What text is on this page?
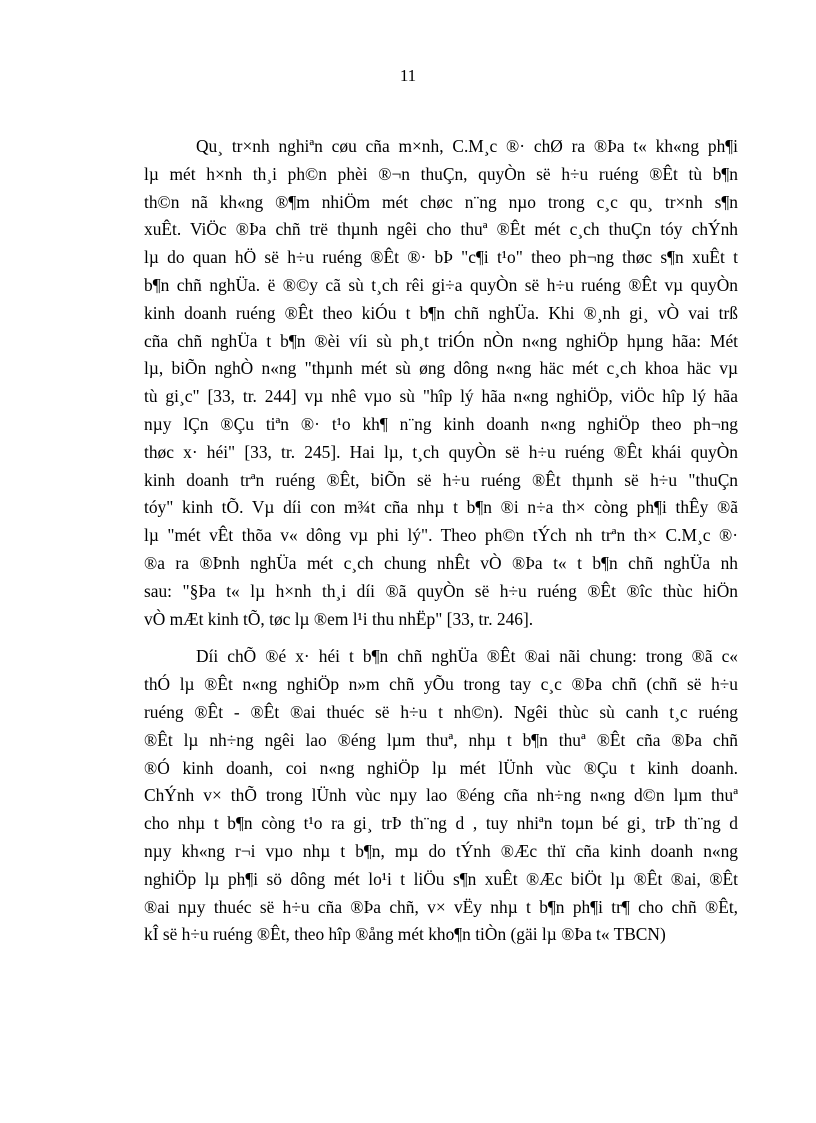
11
Qu¸ tr×nh nghiªn cøu cña m×nh, C.M¸c ®· chØ ra ®Þa t« kh«ng ph¶i
lµ mét h×nh th¸i ph©n phèi ®¬n thuÇn, quyÒn së h÷u ruéng ®Êt tù b¶n
th©n nã kh«ng ®¶m nhiÖm mét chøc n¨ng nµo trong c¸c qu¸ tr×nh s¶n
xuÊt. ViÖc ®Þa chñ trë thµnh ngêi cho thuª ®Êt mét c¸ch thuÇn tóy chÝnh
lµ do quan hÖ së h÷u ruéng ®Êt ®· bÞ "c¶i t¹o" theo ph¬ng thøc s¶n xuÊt t
b¶n chñ nghÜa. ë ®©y cã sù t¸ch rêi gi÷a quyÒn së h÷u ruéng ®Êt vµ quyÒn
kinh doanh ruéng ®Êt theo kiÓu t b¶n chñ nghÜa. Khi ®¸nh gi¸ vÒ vai trß
cña chñ nghÜa t b¶n ®èi víi sù ph¸t triÓn nÒn n«ng nghiÖp hµng hãa: Mét
lµ, biÕn nghÒ n«ng "thµnh mét sù øng dông n«ng häc mét c¸ch khoa häc vµ
tù gi¸c" [33, tr. 244] vµ nhê vµo sù "hîp lý hãa n«ng nghiÖp, viÖc hîp lý hãa
nµy lÇn ®Çu tiªn ®· t¹o kh¶ n¨ng kinh doanh n«ng nghiÖp theo ph¬ng
thøc x· héi" [33, tr. 245]. Hai lµ, t¸ch quyÒn së h÷u ruéng ®Êt khái quyÒn
kinh doanh trªn ruéng ®Êt, biÕn së h÷u ruéng ®Êt thµnh së h÷u "thuÇn
tóy" kinh tÕ. Vµ díi con m¾t cña nhµ t b¶n ®i n÷a th× còng ph¶i thÊy ®ã
lµ "mét vÊt thõa v« dông vµ phi lý". Theo ph©n tÝch nh trªn th× C.M¸c ®·
®a ra ®Þnh nghÜa mét c¸ch chung nhÊt vÒ ®Þa t« t b¶n chñ nghÜa nh
sau: "§Þa t« lµ h×nh th¸i díi ®ã quyÒn së h÷u ruéng ®Êt ®îc thùc hiÖn
vÒ mÆt kinh tÕ, tøc lµ ®em l¹i thu nhËp" [33, tr. 246].
Díi chÕ ®é x· héi t b¶n chñ nghÜa ®Êt ®ai nãi chung: trong ®ã c«
thÓ lµ ®Êt n«ng nghiÖp n»m chñ yÕu trong tay c¸c ®Þa chñ (chñ së h÷u
ruéng ®Êt - ®Êt ®ai thuéc së h÷u t nh©n). Ngêi thùc sù canh t¸c ruéng
®Êt lµ nh÷ng ngêi lao ®éng lµm thuª, nhµ t b¶n thuª ®Êt cña ®Þa chñ
®Ó kinh doanh, coi n«ng nghiÖp lµ mét lÜnh vùc ®Çu t kinh doanh.
ChÝnh v× thÕ trong lÜnh vùc nµy lao ®éng cña nh÷ng n«ng d©n lµm thuª
cho nhµ t b¶n còng t¹o ra gi¸ trÞ th¨ng d , tuy nhiªn toµn bé gi¸ trÞ th¨ng d
nµy kh«ng r¬i vµo nhµ t b¶n, mµ do tÝnh ®Æc thï cña kinh doanh n«ng
nghiÖp lµ ph¶i sö dông mét lo¹i t liÖu s¶n xuÊt ®Æc biÖt lµ ®Êt ®ai, ®Êt
®ai nµy thuéc së h÷u cña ®Þa chñ, v× vËy nhµ t b¶n ph¶i tr¶ cho chñ ®Êt,
kÎ së h÷u ruéng ®Êt, theo hîp ®ång mét kho¶n tiÒn (gäi lµ ®Þa t« TBCN)
